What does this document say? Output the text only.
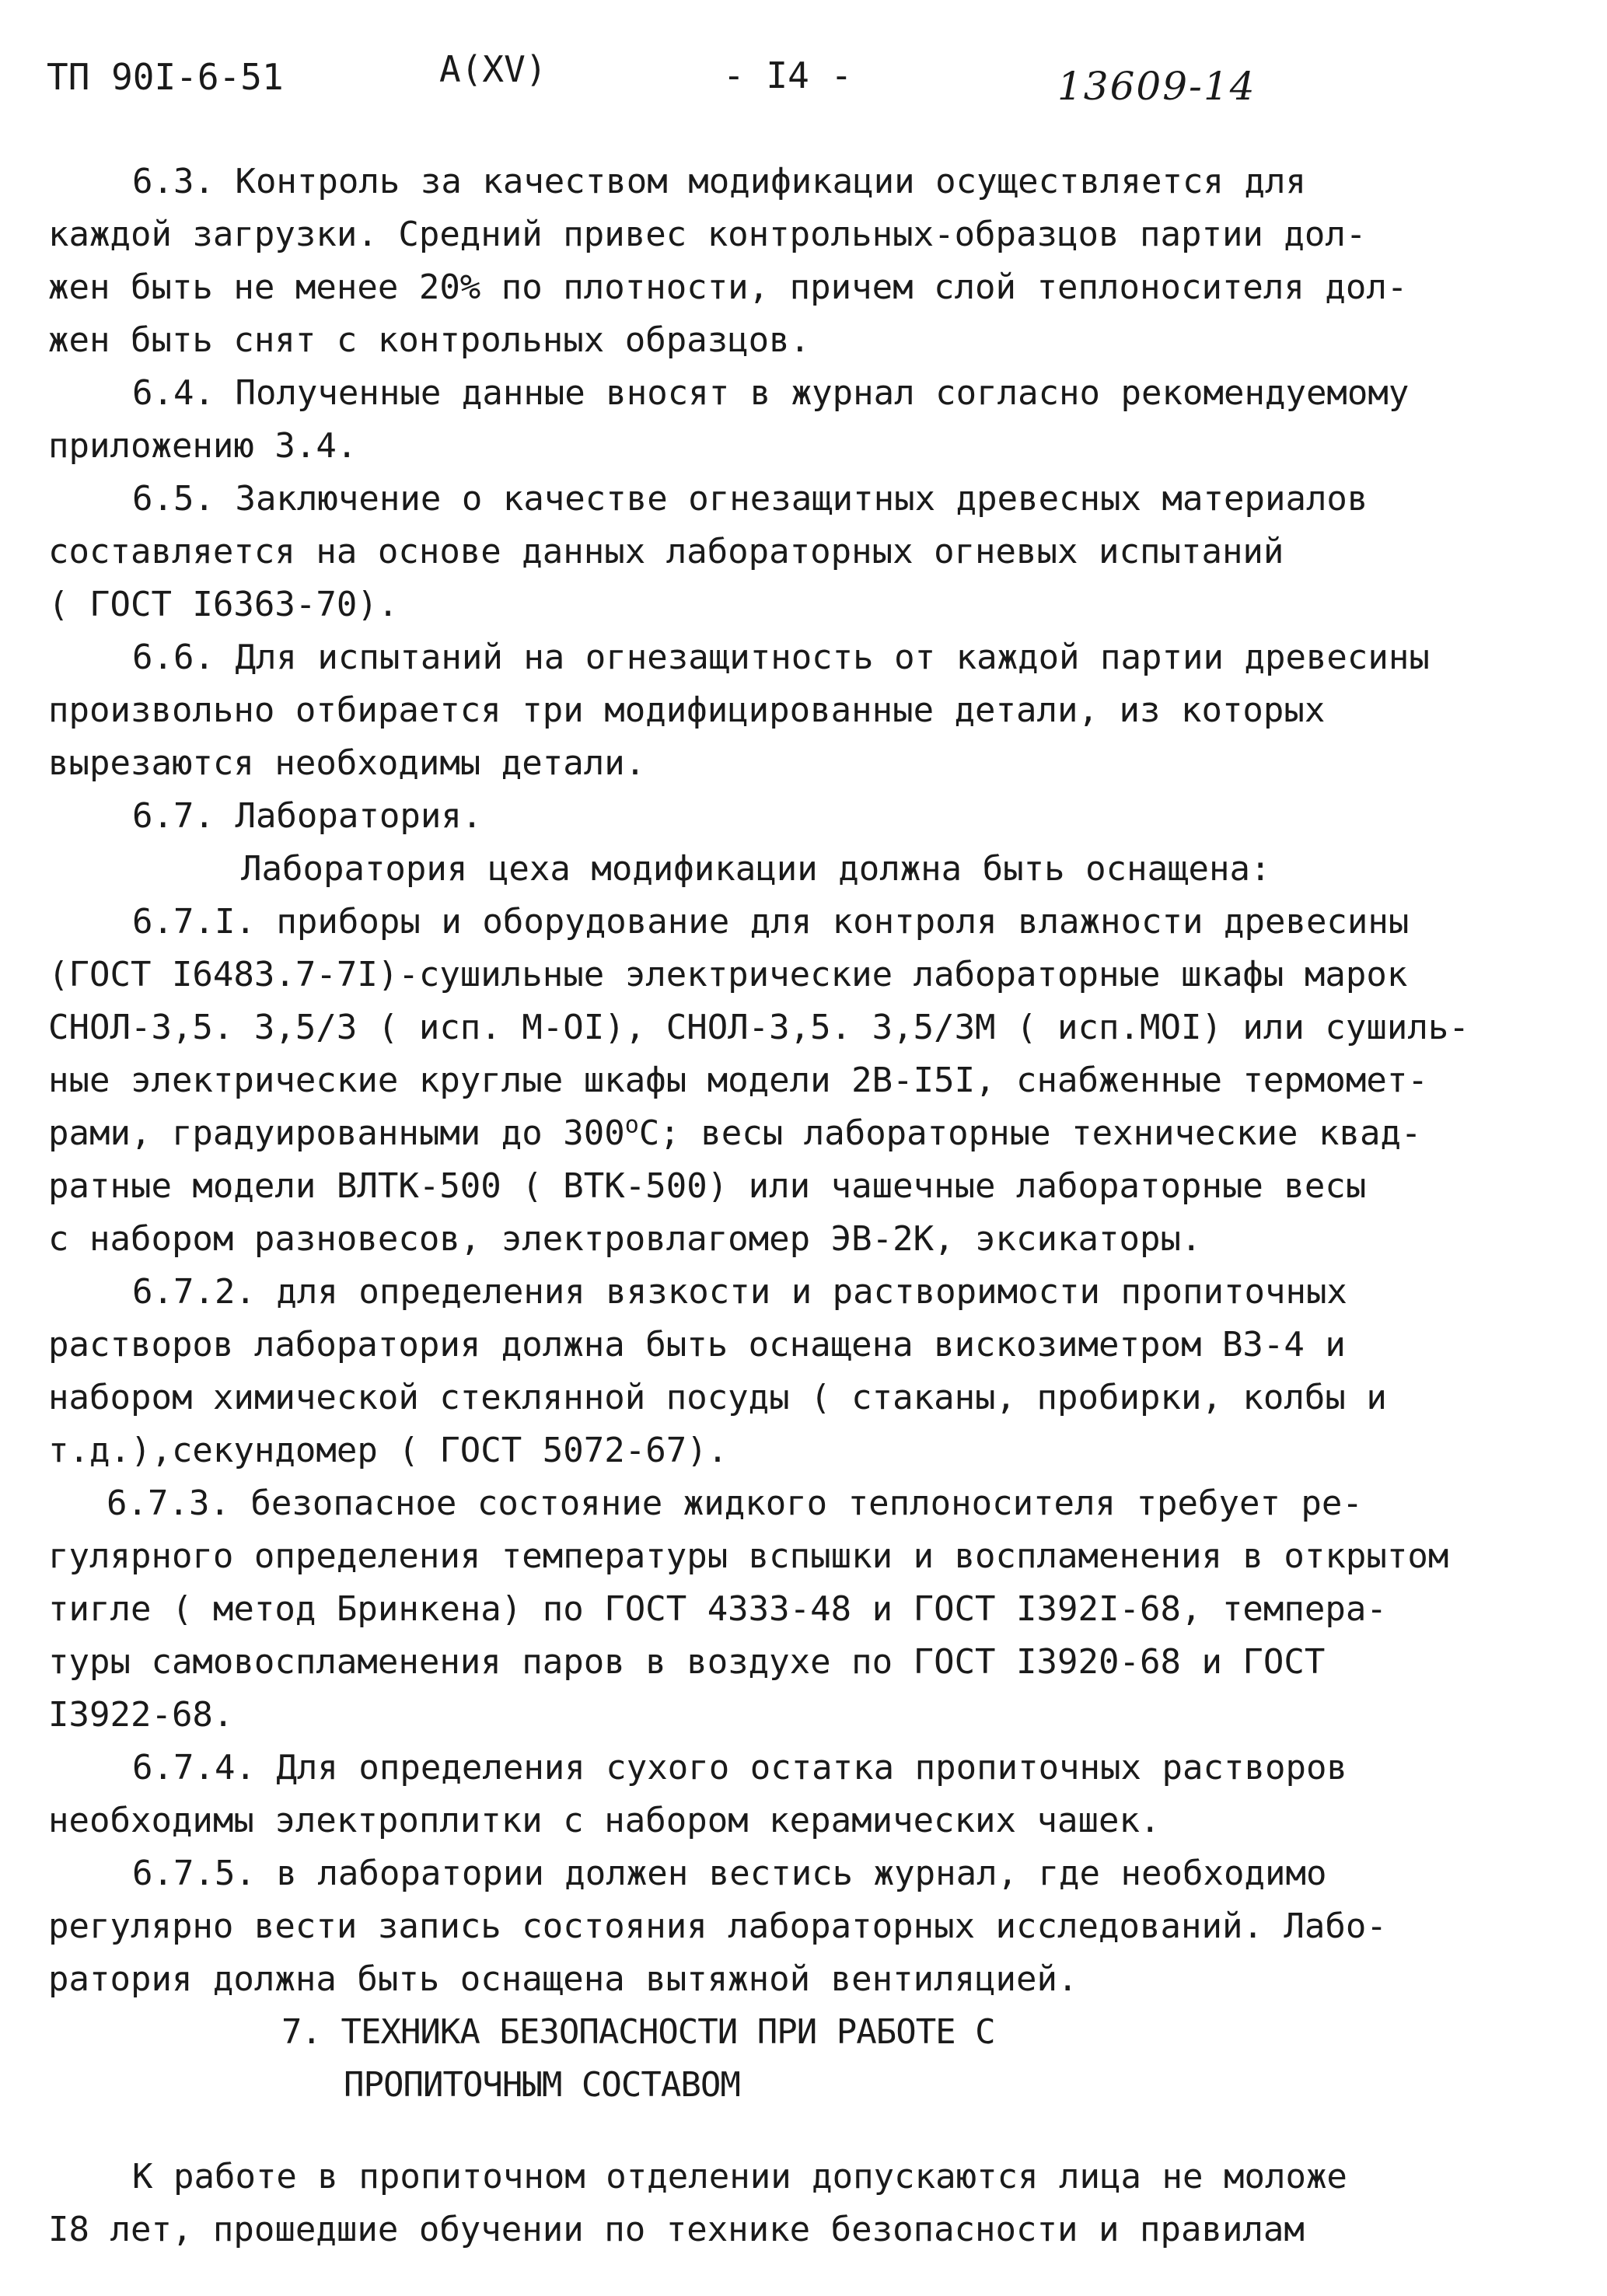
ТП 90I-6-51	А(XV)	- I4 -	13609-14
6.3. Контроль за качеством модификации осуществляется для
каждой загрузки. Средний привес контрольных-образцов партии дол-
жен быть не менее 20% по плотности, причем слой теплоносителя дол-
жен быть снят с контрольных образцов.
6.4. Полученные данные вносят в журнал согласно рекомендуемому
приложению 3.4.
6.5. Заключение о качестве огнезащитных древесных материалов
составляется на основе данных лабораторных огневых испытаний
( ГОСТ I6363-70).
6.6. Для испытаний на огнезащитность от каждой партии древесины
произвольно отбирается три модифицированные детали, из которых
вырезаются необходимы детали.
6.7. Лаборатория.
Лаборатория цеха модификации должна быть оснащена:
6.7.I. приборы и оборудование для контроля влажности древесины
(ГОСТ I6483.7-7I)-сушильные электрические лабораторные шкафы марок
СНОЛ-3,5. 3,5/3 ( исп. М-OI), СНОЛ-3,5. 3,5/3М ( исп.МОI) или сушиль-
ные электрические круглые шкафы модели 2В-I5I, снабженные термомет-
рами, градуированными до $300^оС$; весы лабораторные технические квад-
ратные модели ВЛТК-500 ( ВТК-500) или чашечные лабораторные весы
с набором разновесов, электровлагомер ЭВ-2К, эксикаторы.
6.7.2. для определения вязкости и растворимости пропиточных
растворов лаборатория должна быть оснащена вискозиметром ВЗ-4 и
набором химической стеклянной посуды ( стаканы, пробирки, колбы и
т.д.),секундомер ( ГОСТ 5072-67).
6.7.3. безопасное состояние жидкого теплоносителя требует ре-
гулярного определения температуры вспышки и воспламенения в открытом
тигле ( метод Бринкена) по ГОСТ 4333-48 и ГОСТ I392I-68, темпера-
туры самовоспламенения паров в воздухе по ГОСТ I3920-68 и ГОСТ
I3922-68.
6.7.4. Для определения сухого остатка пропиточных растворов
необходимы электроплитки с набором керамических чашек.
6.7.5. в лаборатории должен вестись журнал, где необходимо
регулярно вести запись состояния лабораторных исследований. Лабо-
ратория должна быть оснащена вытяжной вентиляцией.
7. ТЕХНИКА БЕЗОПАСНОСТИ ПРИ РАБОТЕ С
ПРОПИТОЧНЫМ СОСТАВОМ
К работе в пропиточном отделении допускаются лица не моложе
I8 лет, прошедшие обучении по технике безопасности и правилам
